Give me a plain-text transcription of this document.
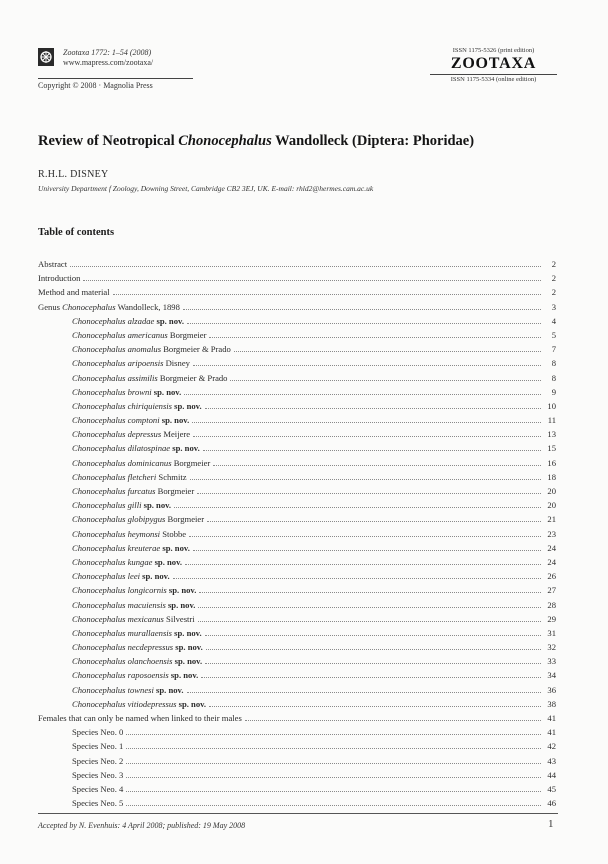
Zootaxa 1772: 1–54 (2008)
www.mapress.com/zootaxa/
Copyright © 2008 · Magnolia Press
ISSN 1175-5326 (print edition)
ZOOTAXA
ISSN 1175-5334 (online edition)
Review of Neotropical Chonocephalus Wandolleck (Diptera: Phoridae)
R.H.L. DISNEY
University Department f Zoology, Downing Street, Cambridge CB2 3EJ, UK. E-mail: rhld2@hermes.cam.ac.uk
Table of contents
Abstract	2
Introduction	2
Method and material	2
Genus Chonocephalus Wandolleck, 1898	3
Chonocephalus alzadae sp. nov.	4
Chonocephalus americanus Borgmeier	5
Chonocephalus anomalus Borgmeier & Prado	7
Chonocephalus aripoensis Disney	8
Chonocephalus assimilis Borgmeier & Prado	8
Chonocephalus browni sp. nov.	9
Chonocephalus chiriquiensis sp. nov.	10
Chonocephalus comptoni sp. nov.	11
Chonocephalus depressus Meijere	13
Chonocephalus dilatospinae sp. nov.	15
Chonocephalus dominicanus Borgmeier	16
Chonocephalus fletcheri Schmitz	18
Chonocephalus furcatus Borgmeier	20
Chonocephalus gilli sp. nov.	20
Chonocephalus globipygus Borgmeier	21
Chonocephalus heymonsi Stobbe	23
Chonocephalus kreuterae sp. nov.	24
Chonocephalus kungae sp. nov.	24
Chonocephalus leei sp. nov.	26
Chonocephalus longicornis sp. nov.	27
Chonocephalus macuiensis sp. nov.	28
Chonocephalus mexicanus Silvestri	29
Chonocephalus murallaensis sp. nov.	31
Chonocephalus necdepressus sp. nov.	32
Chonocephalus olanchoensis sp. nov.	33
Chonocephalus raposoensis sp. nov.	34
Chonocephalus townesi sp. nov.	36
Chonocephalus vitiodepressus sp. nov.	38
Females that can only be named when linked to their males	41
Species Neo. 0	41
Species Neo. 1	42
Species Neo. 2	43
Species Neo. 3	44
Species Neo. 4	45
Species Neo. 5	46
Accepted by N. Evenhuis: 4 April 2008; published: 19 May 2008	1
